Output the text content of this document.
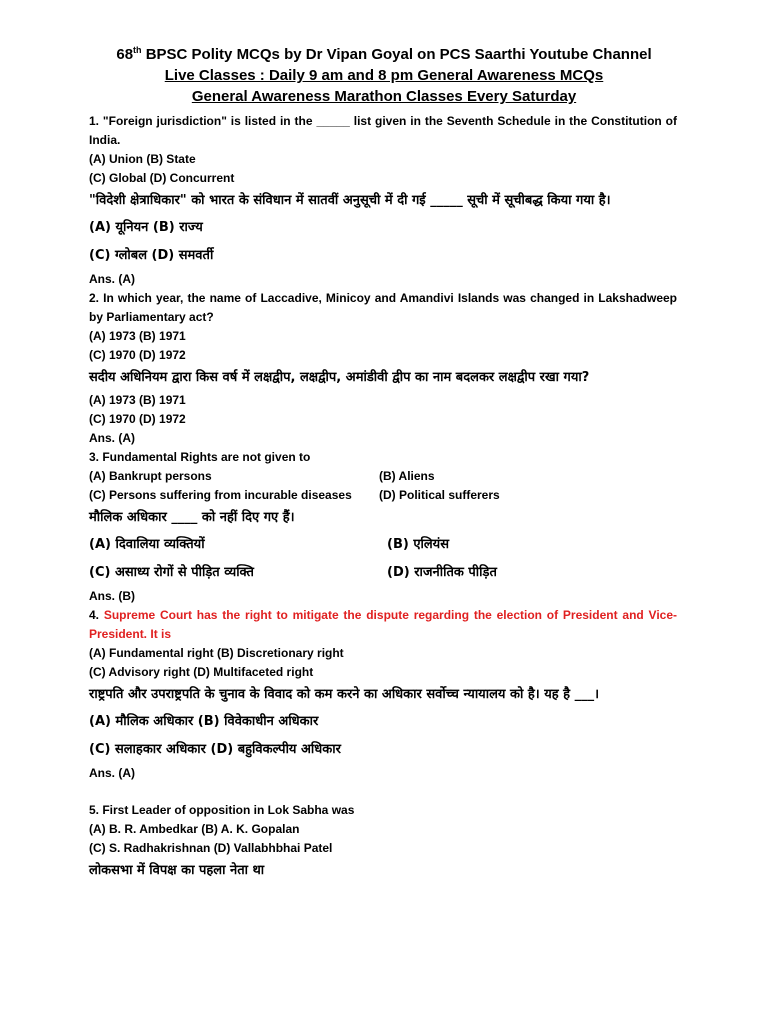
68th BPSC Polity MCQs by Dr Vipan Goyal on PCS Saarthi Youtube Channel
Live Classes : Daily 9 am and 8 pm General Awareness MCQs
General Awareness Marathon Classes Every Saturday

1. "Foreign jurisdiction" is listed in the _____ list given in the Seventh Schedule in the Constitution of India.

(A) Union (B) State

(C) Global (D) Concurrent

"विदेशी क्षेत्राधिकार" को भारत के संविधान में सातवीं अनुसूची में दी गई _____ सूची में सूचीबद्ध किया गया है।

(A) यूनियन (B) राज्य

(C) ग्लोबल (D) समवर्ती

Ans. (A)

2. In which year, the name of Laccadive, Minicoy and Amandivi Islands was changed in Lakshadweep by Parliamentary act?

(A) 1973 (B) 1971

(C) 1970 (D) 1972

सदीय अधिनियम द्वारा किस वर्ष में लक्षद्वीप, लक्षद्वीप, अमांडीवी द्वीप का नाम बदलकर लक्षद्वीप रखा गया?

(A) 1973 (B) 1971

(C) 1970 (D) 1972

Ans. (A)

3. Fundamental Rights are not given to

(A) Bankrupt persons	(B) Aliens

(C) Persons suffering from incurable diseases	(D) Political sufferers

मौलिक अधिकार ____ को नहीं दिए गए हैं।

(A) दिवालिया व्यक्तियों	(B) एलियंस

(C) असाध्य रोगों से पीड़ित व्यक्ति	(D) राजनीतिक पीड़ित

Ans. (B)

4. Supreme Court has the right to mitigate the dispute regarding the election of President and Vice-President. It is

(A) Fundamental right (B) Discretionary right

(C) Advisory right (D) Multifaceted right

राष्ट्रपति और उपराष्ट्रपति के चुनाव के विवाद को कम करने का अधिकार सर्वोच्च न्यायालय को है। यह है ___।

(A) मौलिक अधिकार (B) विवेकाधीन अधिकार

(C) सलाहकार अधिकार (D) बहुविकल्पीय अधिकार

Ans. (A)

5. First Leader of opposition in Lok Sabha was

(A) B. R. Ambedkar (B) A. K. Gopalan

(C) S. Radhakrishnan (D) Vallabhbhai Patel

लोकसभा में विपक्ष का पहला नेता था
